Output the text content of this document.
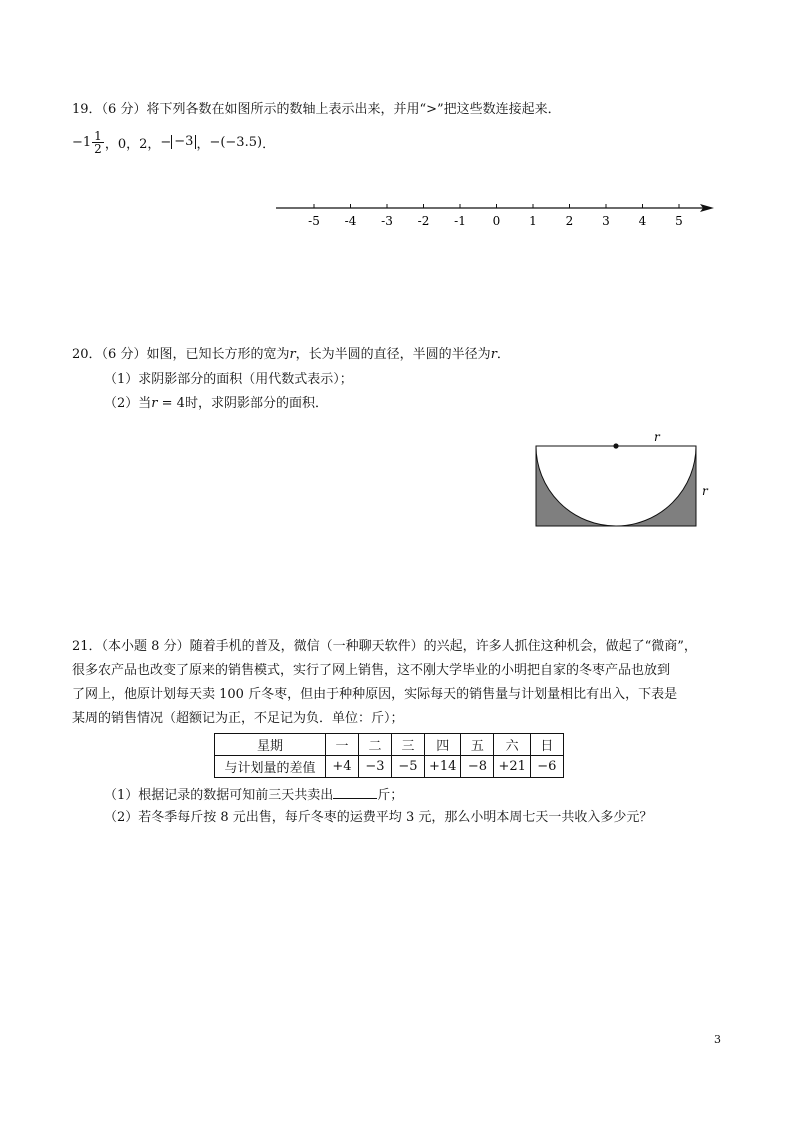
19．（6 分）将下列各数在如图所示的数轴上表示出来，并用“>”把这些数连接起来．
$-1 \frac{1}{2}$ ，0，2， − −3 ， −(−3.5) ．
-5 -4 -3 -2 -1 0 1 2 3 4 5
20．（6 分）如图，已知长方形的宽为r，长为半圆的直径，半圆的半径为r．
（1）求阴影部分的面积（用代数式表示）；
（2）当r = 4时，求阴影部分的面积．
r
r
21．（本小题 8 分）随着手机的普及，微信（一种聊天软件）的兴起，许多人抓住这种机会，做起了“微商”，
很多农产品也改变了原来的销售模式，实行了网上销售，这不刚大学毕业的小明把自家的冬枣产品也放到
了网上，他原计划每天卖 100 斤冬枣，但由于种种原因，实际每天的销售量与计划量相比有出入，下表是
某周的销售情况（超额记为正，不足记为负．单位：斤）；
星期	一	二	三	四	五	六	日
与计划量的差值	+4	−3	−5	+14	−8	+21	−6
（1）根据记录的数据可知前三天共卖出	斤；
（2）若冬季每斤按 8 元出售，每斤冬枣的运费平均 3 元，那么小明本周七天一共收入多少元？
3
